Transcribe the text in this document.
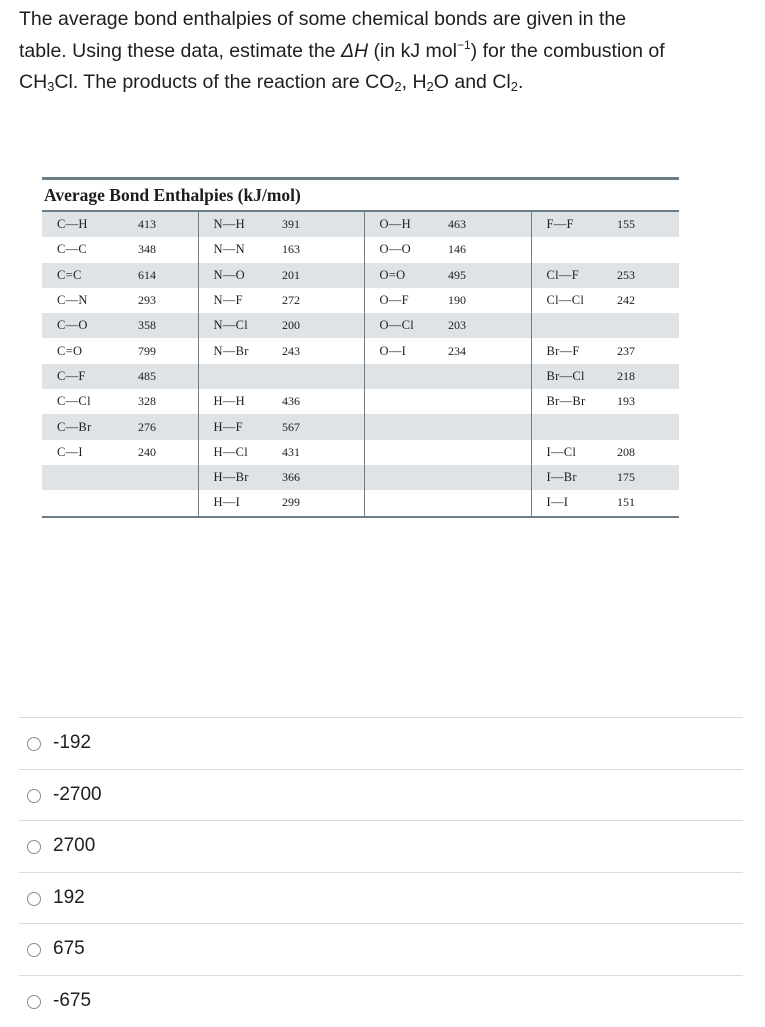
The average bond enthalpies of some chemical bonds are given in the
table. Using these data, estimate the ΔH (in kJ mol$^{-1}$) for the combustion of
$CH_3Cl$. The products of the reaction are $CO_2$, $H_2O$ and $Cl_2$.
Average Bond Enthalpies (kJ/mol)
C—H	413	N—H	391	O—H	463	F—F	155
C—C	348	N—N	163	O—O	146		
C=C	614	N—O	201	O=O	495	Cl—F	253
C—N	293	N—F	272	O—F	190	Cl—Cl	242
C—O	358	N—Cl	200	O—Cl	203		
C=O	799	N—Br	243	O—I	234	Br—F	237
C—F	485					Br—Cl	218
C—Cl	328	H—H	436			Br—Br	193
C—Br	276	H—F	567				
C—I	240	H—Cl	431			I—Cl	208
		H—Br	366			I—Br	175
		H—I	299			I—I	151
-192
-2700
2700
192
675
-675
